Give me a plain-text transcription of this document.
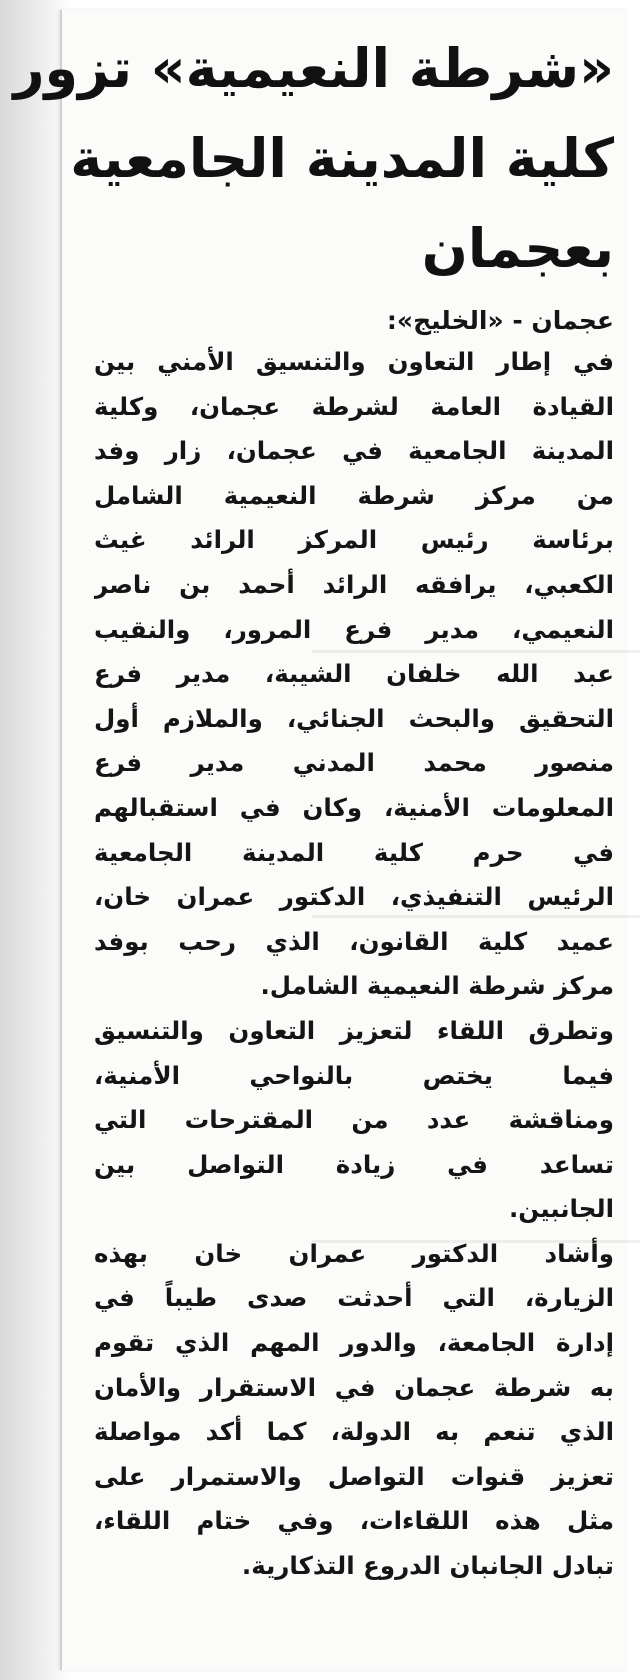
«شرطة النعيمية» تزور
كلية المدينة الجامعية
بعجمان
عجمان - «الخليج»:
في إطار التعاون والتنسيق الأمني بين
القيادة العامة لشرطة عجمان، وكلية
المدينة الجامعية في عجمان، زار وفد
من مركز شرطة النعيمية الشامل
برئاسة رئيس المركز الرائد غيث
الكعبي، يرافقه الرائد أحمد بن ناصر
النعيمي، مدير فرع المرور، والنقيب
عبد الله خلفان الشيبة، مدير فرع
التحقيق والبحث الجنائي، والملازم أول
منصور محمد المدني مدير فرع
المعلومات الأمنية، وكان في استقبالهم
في حرم كلية المدينة الجامعية
الرئيس التنفيذي، الدكتور عمران خان،
عميد كلية القانون، الذي رحب بوفد
مركز شرطة النعيمية الشامل.
وتطرق اللقاء لتعزيز التعاون والتنسيق
فيما يختص بالنواحي الأمنية،
ومناقشة عدد من المقترحات التي
تساعد في زيادة التواصل بين
الجانبين.
وأشاد الدكتور عمران خان بهذه
الزيارة، التي أحدثت صدى طيباً في
إدارة الجامعة، والدور المهم الذي تقوم
به شرطة عجمان في الاستقرار والأمان
الذي تنعم به الدولة، كما أكد مواصلة
تعزيز قنوات التواصل والاستمرار على
مثل هذه اللقاءات، وفي ختام اللقاء،
تبادل الجانبان الدروع التذكارية.
